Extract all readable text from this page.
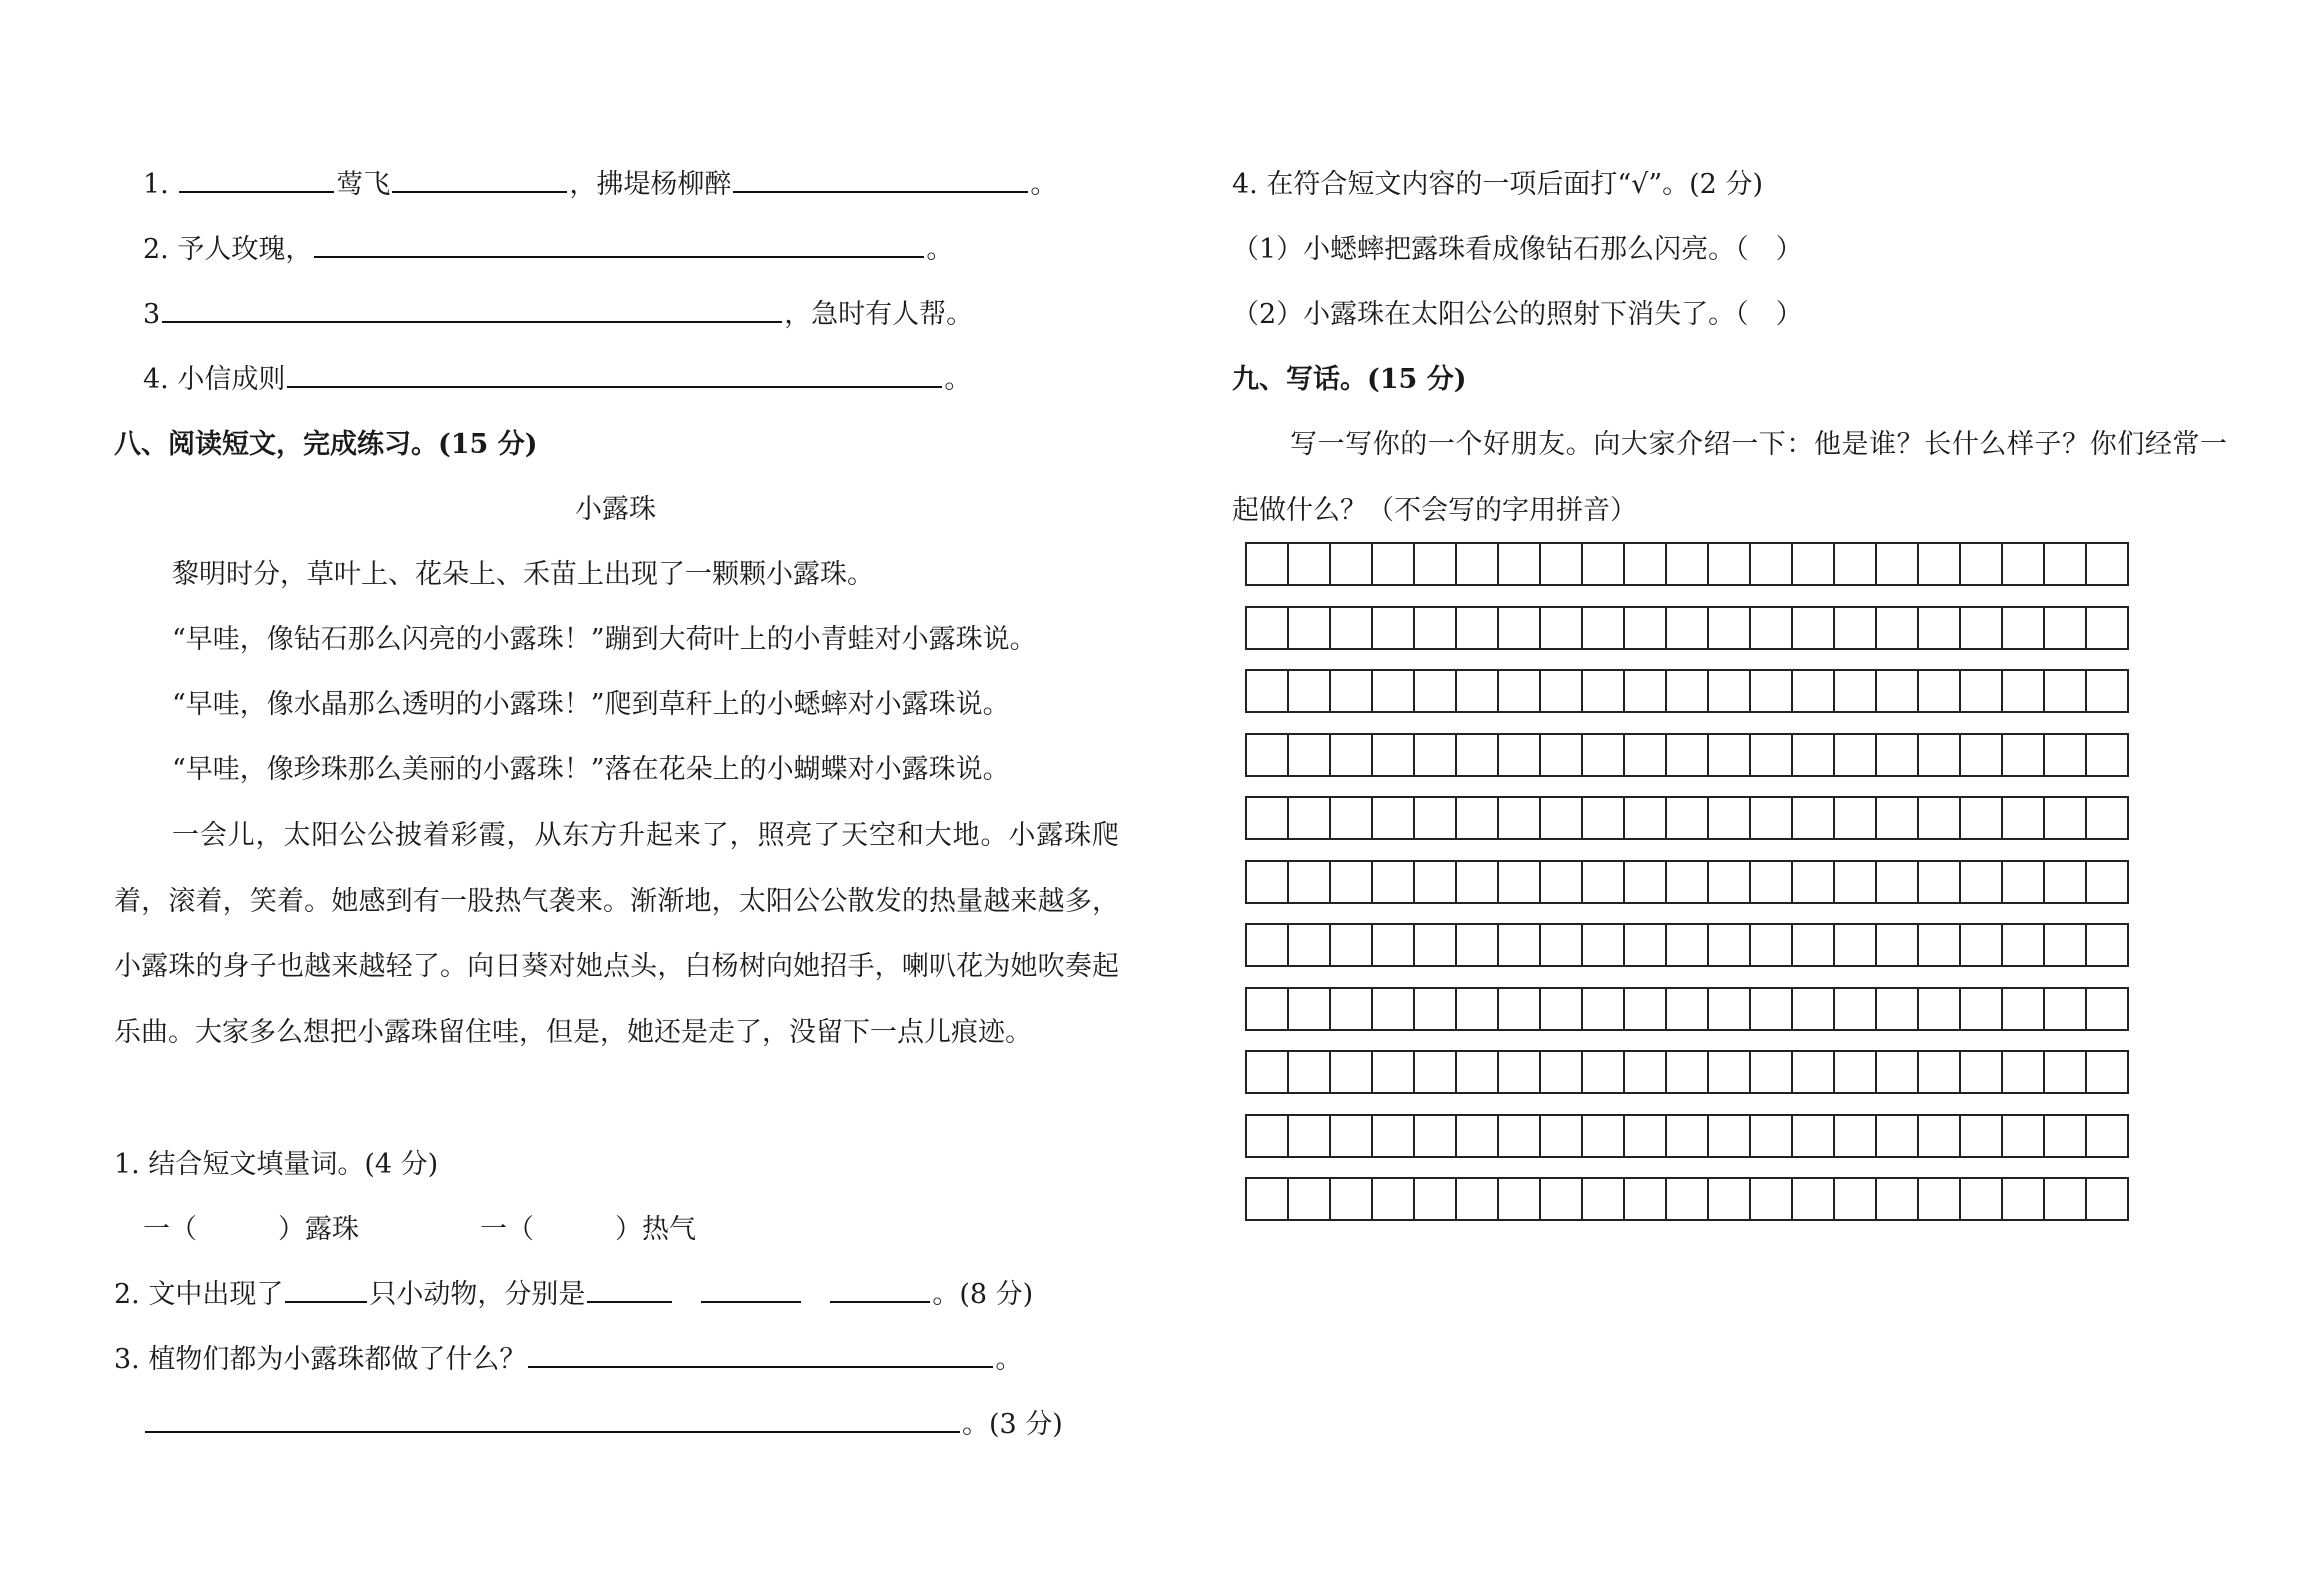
1.	莺飞	，拂堤杨柳醉	。
2. 予人玫瑰，	。
3	，急时有人帮。
4. 小信成则	。
八、阅读短文，完成练习。(15 分)
小露珠
黎明时分，草叶上、花朵上、禾苗上出现了一颗颗小露珠。
“早哇，像钻石那么闪亮的小露珠！”蹦到大荷叶上的小青蛙对小露珠说。
“早哇，像水晶那么透明的小露珠！”爬到草秆上的小蟋蟀对小露珠说。
“早哇，像珍珠那么美丽的小露珠！”落在花朵上的小蝴蝶对小露珠说。
一会儿，太阳公公披着彩霞，从东方升起来了，照亮了天空和大地。小露珠爬着，滚着，笑着。她感到有一股热气袭来。渐渐地，太阳公公散发的热量越来越多，小露珠的身子也越来越轻了。向日葵对她点头，白杨树向她招手，喇叭花为她吹奏起乐曲。大家多么想把小露珠留住哇，但是，她还是走了，没留下一点儿痕迹。
1. 结合短文填量词。(4 分)
一（　　　）露珠	一（　　　）热气
2. 文中出现了	只小动物，分别是	。(8 分)
3. 植物们都为小露珠都做了什么？	。
。(3 分)
4. 在符合短文内容的一项后面打“√”。(2 分)
（1）小蟋蟀把露珠看成像钻石那么闪亮。（　）
（2）小露珠在太阳公公的照射下消失了。（　）
九、写话。(15 分)
写一写你的一个好朋友。向大家介绍一下：他是谁？长什么样子？你们经常一起做什么？（不会写的字用拼音）
